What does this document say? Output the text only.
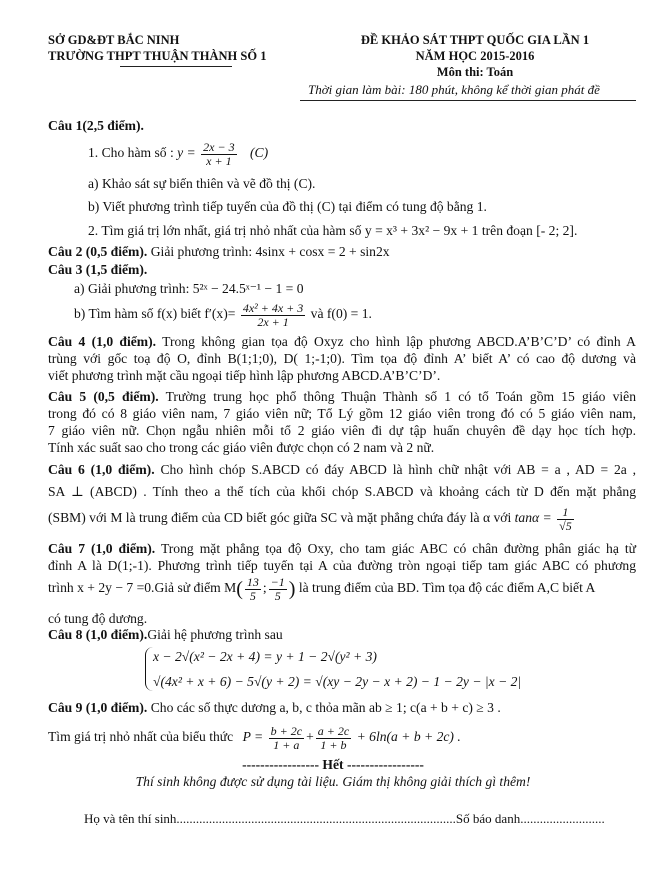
SỞ GD&ĐT BẮC NINH
TRƯỜNG THPT THUẬN THÀNH SỐ 1
ĐỀ KHẢO SÁT THPT QUỐC GIA LẦN 1
NĂM HỌC 2015-2016
Môn thi: Toán
Thời gian làm bài: 180 phút, không kể thời gian phát đề
Câu 1(2,5 điểm).
1. Cho hàm số : $y = \frac{2x - 3}{x + 1} (C)$
a) Khảo sát sự biến thiên và vẽ đồ thị (C).
b) Viết phương trình tiếp tuyến của đồ thị (C) tại điểm có tung độ bằng 1.
2. Tìm giá trị lớn nhất, giá trị nhỏ nhất của hàm số y = x³ + 3x² − 9x + 1 trên đoạn [- 2; 2].
Câu 2 (0,5 điểm). Giải phương trình: 4sinx + cosx = 2 + sin2x
Câu 3 (1,5 điểm).
a) Giải phương trình: 5²ˣ − 24.5ˣ⁻¹ − 1 = 0
b) Tìm hàm số f(x) biết $f'(x)= \frac{\text{4x² + 4x + 3}}{2x + 1}$ và f(0) = 1.
Câu 4 (1,0 điểm). Trong không gian tọa độ Oxyz cho hình lập phương ABCD.A’B’C’D’ có đỉnh A
trùng với gốc toạ độ O, đỉnh B(1;1;0), D( 1;-1;0). Tìm tọa độ đỉnh A’ biết A’ có cao độ dương và
viết phương trình mặt cầu ngoại tiếp hình lập phương ABCD.A’B’C’D’.
Câu 5 (0,5 điểm). Trường trung học phổ thông Thuận Thành số 1 có tổ Toán gồm 15 giáo viên
trong đó có 8 giáo viên nam, 7 giáo viên nữ; Tổ Lý gồm 12 giáo viên trong đó có 5 giáo viên nam,
7 giáo viên nữ. Chọn ngẫu nhiên mỗi tổ 2 giáo viên đi dự tập huấn chuyên đề dạy học tích hợp.
Tính xác suất sao cho trong các giáo viên được chọn có 2 nam và 2 nữ.
Câu 6 (1,0 điểm). Cho hình chóp S.ABCD có đáy ABCD là hình chữ nhật với AB = a , AD = 2a ,
SA ⊥ (ABCD) . Tính theo a thể tích của khối chóp S.ABCD và khoảng cách từ D đến mặt phẳng
(SBM) với M là trung điểm của CD biết góc giữa SC và mặt phẳng chứa đáy là α với $\tan\alpha = \frac{1}{√5}$
Câu 7 (1,0 điểm). Trong mặt phẳng tọa độ Oxy, cho tam giác ABC có chân đường phân giác hạ từ
đỉnh A là D(1;-1). Phương trình tiếp tuyến tại A của đường tròn ngoại tiếp tam giác ABC có phương
trình x + 2y − 7 =0.Giả sử điểm $M( \frac{13}{5}$ ; $\frac{-1}{5}$ ) là trung điểm của BD. Tìm tọa độ các điểm A,C biết A
có tung độ dương.
Câu 8 (1,0 điểm).Giải hệ phương trình sau
x − 2√(x² − 2x + 4) = y + 1 − 2√(y² + 3)
√(4x² + x + 6) − 5√(y + 2) = √(xy − 2y − x + 2) − 1 − 2y − |x − 2|
Câu 9 (1,0 điểm). Cho các số thực dương a, b, c thỏa mãn ab ≥ 1; c(a + b + c) ≥ 3 .
Tìm giá trị nhỏ nhất của biểu thức $P = \frac{b + 2c}{1 + a} + \frac{a + 2c}{1 + b} + 6\ln(a + b + 2c)$ .
----------------- Hết -----------------
Thí sinh không được sử dụng tài liệu. Giám thị không giải thích gì thêm!
Họ và tên thí sinh......................................................................................Số báo danh..........................
